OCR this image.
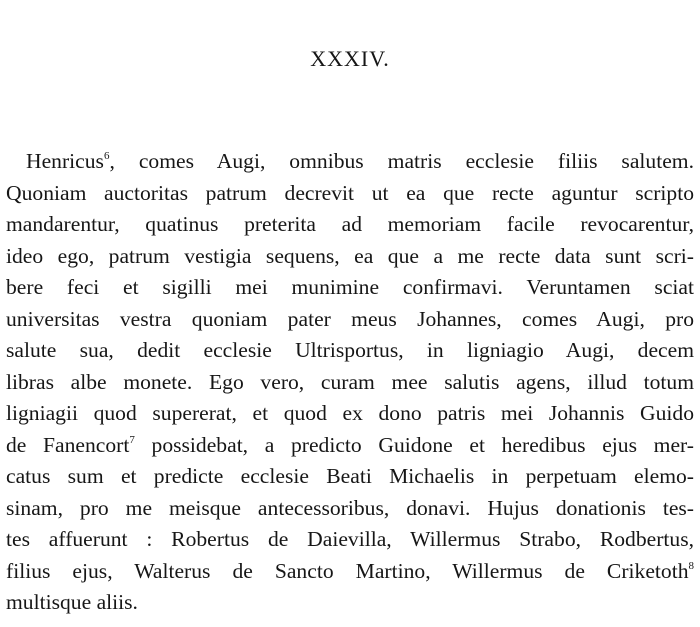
XXXIV.
Henricus$^6$, comes Augi, omnibus matris ecclesie filiis salutem.
Quoniam auctoritas patrum decrevit ut ea que recte aguntur scripto
mandarentur, quatinus preterita ad memoriam facile revocarentur,
ideo ego, patrum vestigia sequens, ea que a me recte data sunt scri-
bere feci et sigilli mei munimine confirmavi. Veruntamen sciat
universitas vestra quoniam pater meus Johannes, comes Augi, pro
salute sua, dedit ecclesie Ultrisportus, in ligniagio Augi, decem
libras albe monete. Ego vero, curam mee salutis agens, illud totum
ligniagii quod supererat, et quod ex dono patris mei Johannis Guido
de Fanencort$^7$ possidebat, a predicto Guidone et heredibus ejus mer-
catus sum et predicte ecclesie Beati Michaelis in perpetuam elemo-
sinam, pro me meisque antecessoribus, donavi. Hujus donationis tes-
tes affuerunt : Robertus de Daievilla, Willermus Strabo, Rodbertus,
filius ejus, Walterus de Sancto Martino, Willermus de Criketoth$^8$
multisque aliis.
